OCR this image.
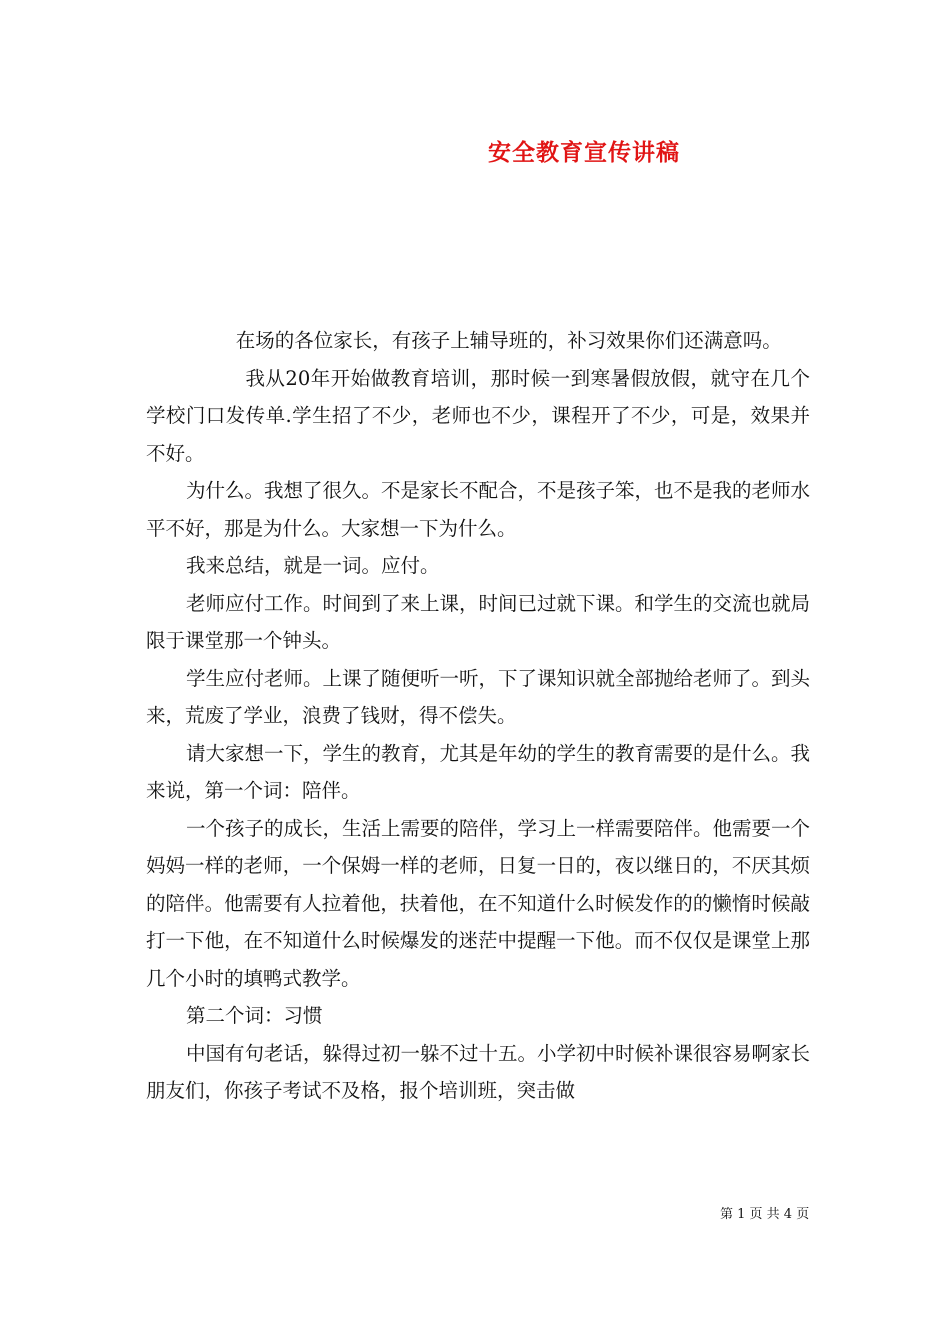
安全教育宣传讲稿

在场的各位家长，有孩子上辅导班的，补习效果你们还满意吗。

我从20年开始做教育培训，那时候一到寒暑假放假，就守在几个学校门口发传单.学生招了不少，老师也不少，课程开了不少，可是，效果并不好。

为什么。我想了很久。不是家长不配合，不是孩子笨，也不是我的老师水平不好，那是为什么。大家想一下为什么。

我来总结，就是一词。应付。

老师应付工作。时间到了来上课，时间已过就下课。和学生的交流也就局限于课堂那一个钟头。

学生应付老师。上课了随便听一听，下了课知识就全部抛给老师了。到头来，荒废了学业，浪费了钱财，得不偿失。

请大家想一下，学生的教育，尤其是年幼的学生的教育需要的是什么。我来说，第一个词：陪伴。

一个孩子的成长，生活上需要的陪伴，学习上一样需要陪伴。他需要一个妈妈一样的老师，一个保姆一样的老师，日复一日的，夜以继日的，不厌其烦的陪伴。他需要有人拉着他，扶着他，在不知道什么时候发作的的懒惰时候敲打一下他，在不知道什么时候爆发的迷茫中提醒一下他。而不仅仅是课堂上那几个小时的填鸭式教学。

第二个词：习惯

中国有句老话，躲得过初一躲不过十五。小学初中时候补课很容易啊家长朋友们，你孩子考试不及格，报个培训班，突击做

第 1 页 共 4 页
